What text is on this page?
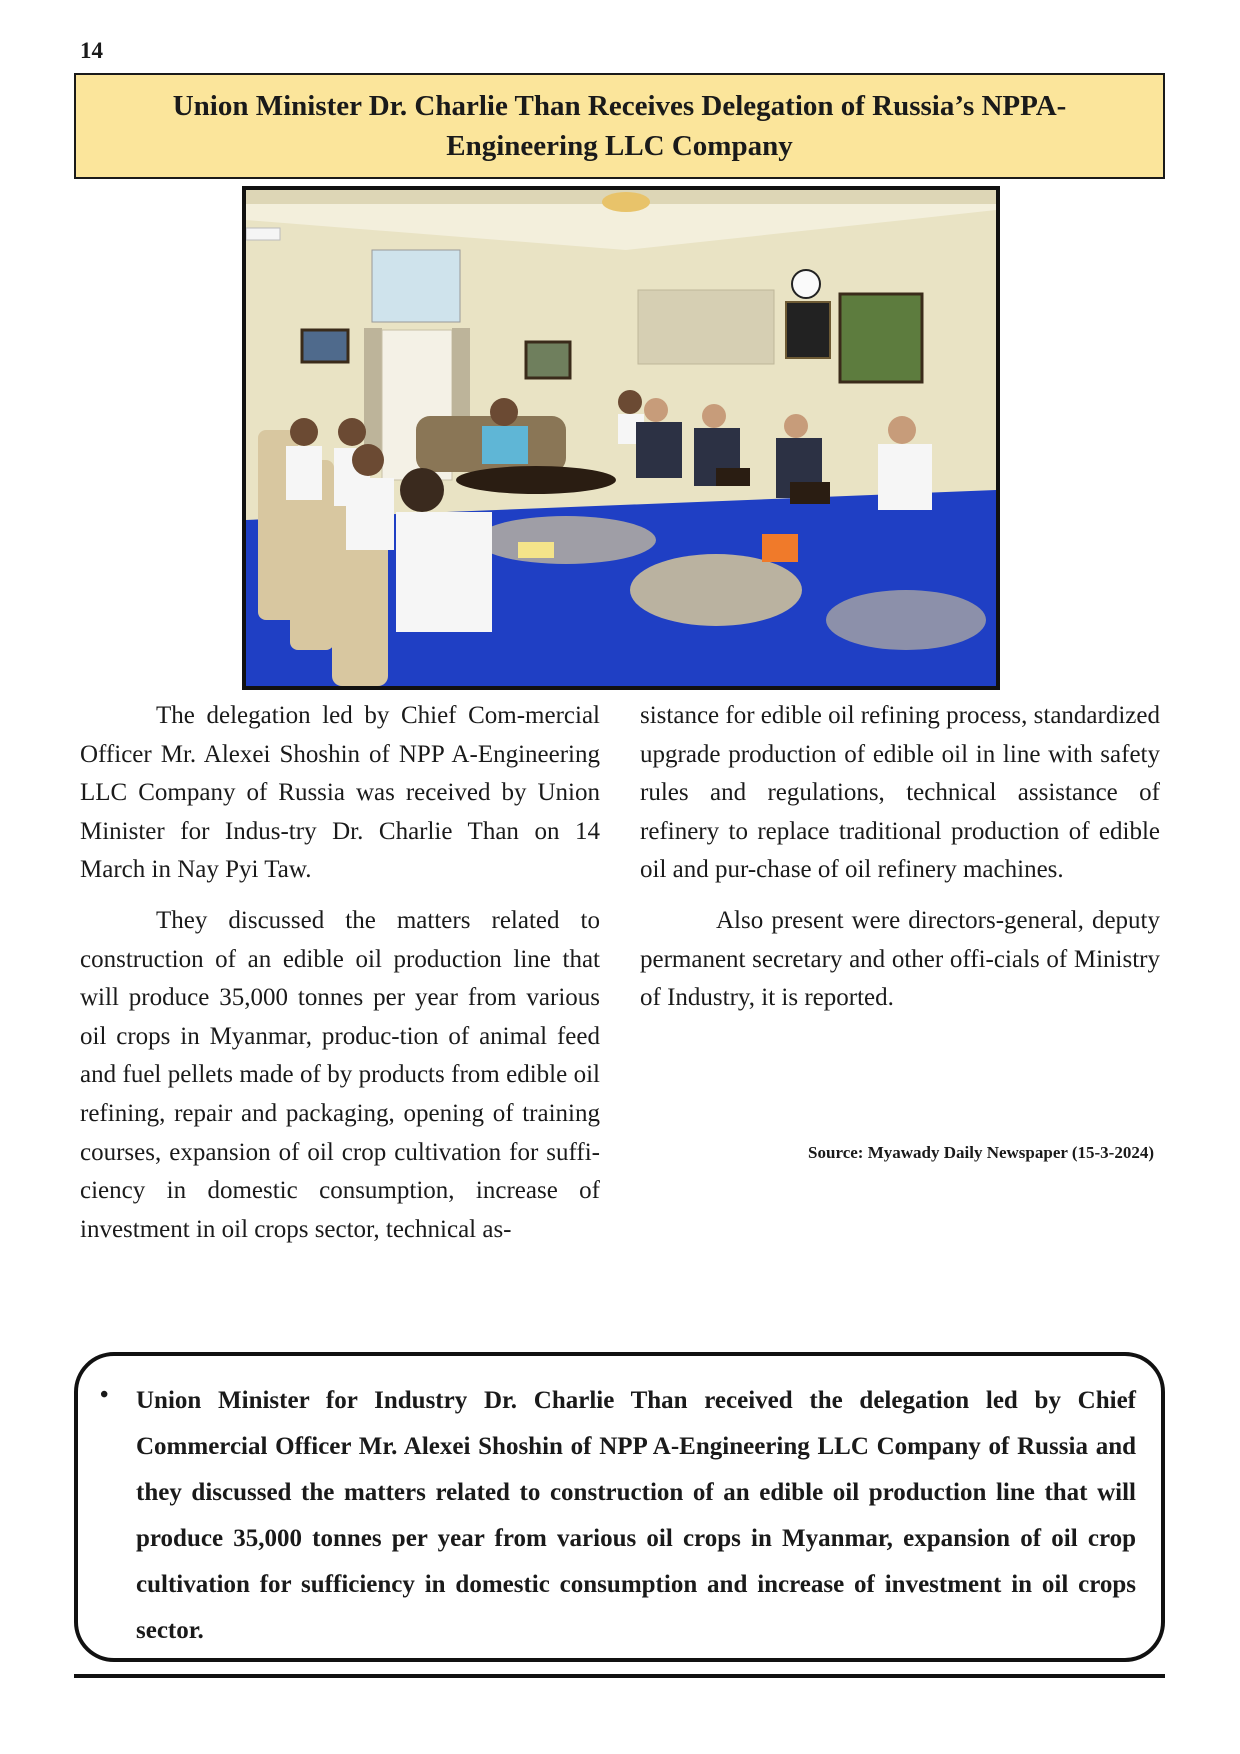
14
Union Minister Dr. Charlie Than Receives Delegation of Russia’s NPPA-Engineering LLC Company

The delegation led by Chief Com-mercial Officer Mr. Alexei Shoshin of NPP A-Engineering LLC Company of Russia was received by Union Minister for Indus-try Dr. Charlie Than on 14 March in Nay Pyi Taw.

They discussed the matters related to construction of an edible oil production line that will produce 35,000 tonnes per year from various oil crops in Myanmar, produc-tion of animal feed and fuel pellets made of by products from edible oil refining, repair and packaging, opening of training courses, expansion of oil crop cultivation for suffi-ciency in domestic consumption, increase of investment in oil crops sector, technical as-

sistance for edible oil refining process, standardized upgrade production of edible oil in line with safety rules and regulations, technical assistance of refinery to replace traditional production of edible oil and pur-chase of oil refinery machines.

Also present were directors-general, deputy permanent secretary and other offi-cials of Ministry of Industry, it is reported.

Source: Myawady Daily Newspaper (15-3-2024)
• Union Minister for Industry Dr. Charlie Than received the delegation led by Chief Commercial Officer Mr. Alexei Shoshin of NPP A-Engineering LLC Company of Russia and they discussed the matters related to construction of an edible oil production line that will produce 35,000 tonnes per year from various oil crops in Myanmar, expansion of oil crop cultivation for sufficiency in domestic consumption and increase of investment in oil crops sector.
